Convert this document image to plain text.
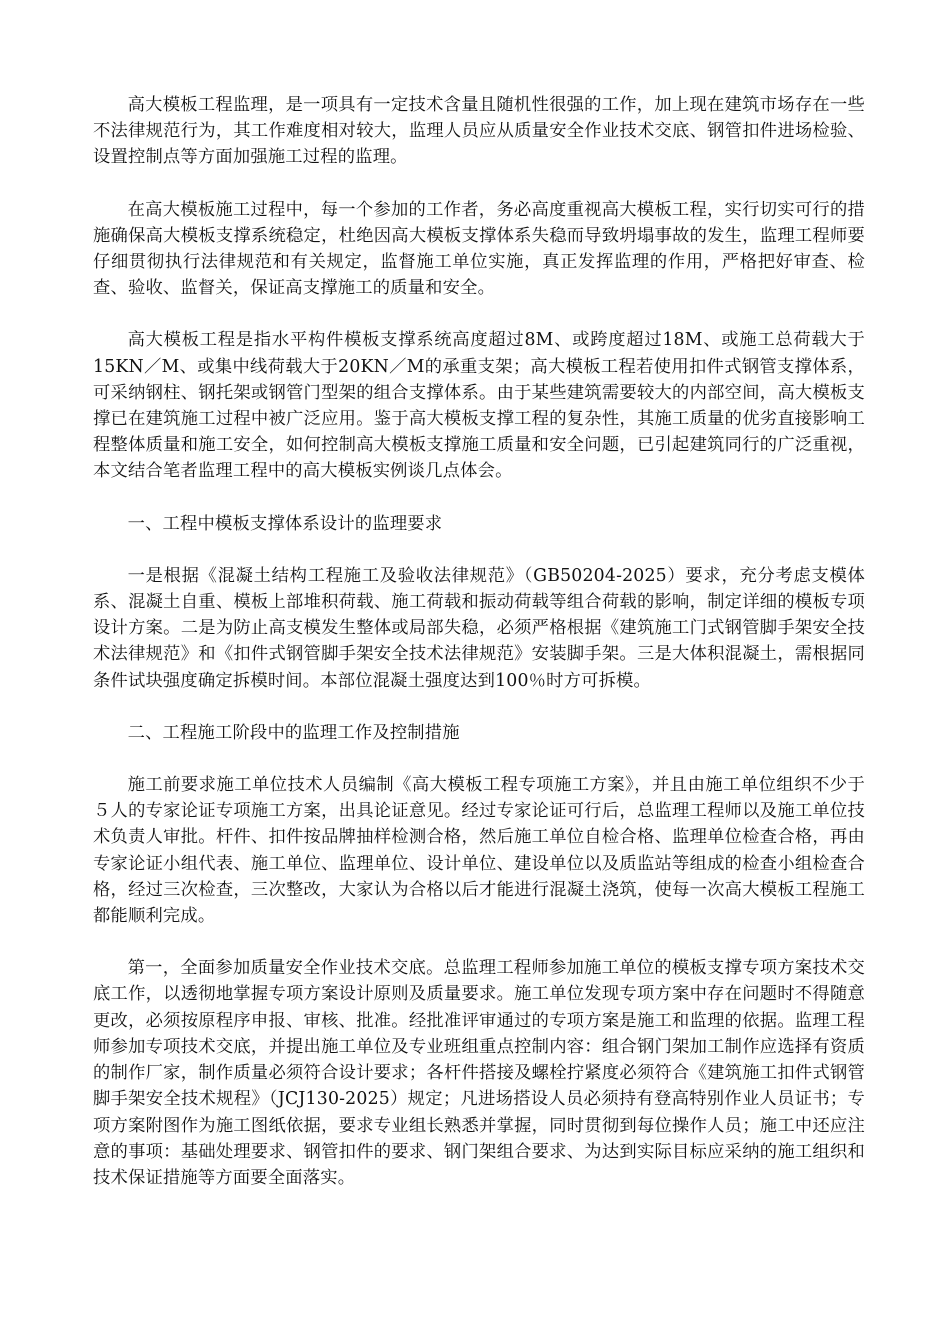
高大模板工程监理，是一项具有一定技术含量且随机性很强的工作，加上现在建筑市场存在一些不法律规范行为，其工作难度相对较大，监理人员应从质量安全作业技术交底、钢管扣件进场检验、设置控制点等方面加强施工过程的监理。

在高大模板施工过程中，每一个参加的工作者，务必高度重视高大模板工程，实行切实可行的措施确保高大模板支撑系统稳定，杜绝因高大模板支撑体系失稳而导致坍塌事故的发生，监理工程师要仔细贯彻执行法律规范和有关规定，监督施工单位实施，真正发挥监理的作用，严格把好审查、检查、验收、监督关，保证高支撑施工的质量和安全。

高大模板工程是指水平构件模板支撑系统高度超过8M、或跨度超过18M、或施工总荷载大于15KN／M、或集中线荷载大于20KN／M的承重支架；高大模板工程若使用扣件式钢管支撑体系，可采纳钢柱、钢托架或钢管门型架的组合支撑体系。由于某些建筑需要较大的内部空间，高大模板支撑已在建筑施工过程中被广泛应用。鉴于高大模板支撑工程的复杂性，其施工质量的优劣直接影响工程整体质量和施工安全，如何控制高大模板支撑施工质量和安全问题，已引起建筑同行的广泛重视，本文结合笔者监理工程中的高大模板实例谈几点体会。

一、工程中模板支撑体系设计的监理要求

一是根据《混凝土结构工程施工及验收法律规范》（GB50204-2025）要求，充分考虑支模体系、混凝土自重、模板上部堆积荷载、施工荷载和振动荷载等组合荷载的影响，制定详细的模板专项设计方案。二是为防止高支模发生整体或局部失稳，必须严格根据《建筑施工门式钢管脚手架安全技术法律规范》和《扣件式钢管脚手架安全技术法律规范》安装脚手架。三是大体积混凝土，需根据同条件试块强度确定拆模时间。本部位混凝土强度达到100％时方可拆模。

二、工程施工阶段中的监理工作及控制措施

施工前要求施工单位技术人员编制《高大模板工程专项施工方案》，并且由施工单位组织不少于５人的专家论证专项施工方案，出具论证意见。经过专家论证可行后，总监理工程师以及施工单位技术负责人审批。杆件、扣件按品牌抽样检测合格，然后施工单位自检合格、监理单位检查合格，再由专家论证小组代表、施工单位、监理单位、设计单位、建设单位以及质监站等组成的检查小组检查合格，经过三次检查，三次整改，大家认为合格以后才能进行混凝土浇筑，使每一次高大模板工程施工都能顺利完成。

第一，全面参加质量安全作业技术交底。总监理工程师参加施工单位的模板支撑专项方案技术交底工作，以透彻地掌握专项方案设计原则及质量要求。施工单位发现专项方案中存在问题时不得随意更改，必须按原程序申报、审核、批准。经批准评审通过的专项方案是施工和监理的依据。监理工程师参加专项技术交底，并提出施工单位及专业班组重点控制内容：组合钢门架加工制作应选择有资质的制作厂家，制作质量必须符合设计要求；各杆件搭接及螺栓拧紧度必须符合《建筑施工扣件式钢管脚手架安全技术规程》（JCJ130-2025）规定；凡进场搭设人员必须持有登高特别作业人员证书；专项方案附图作为施工图纸依据，要求专业组长熟悉并掌握，同时贯彻到每位操作人员；施工中还应注意的事项：基础处理要求、钢管扣件的要求、钢门架组合要求、为达到实际目标应采纳的施工组织和技术保证措施等方面要全面落实。
